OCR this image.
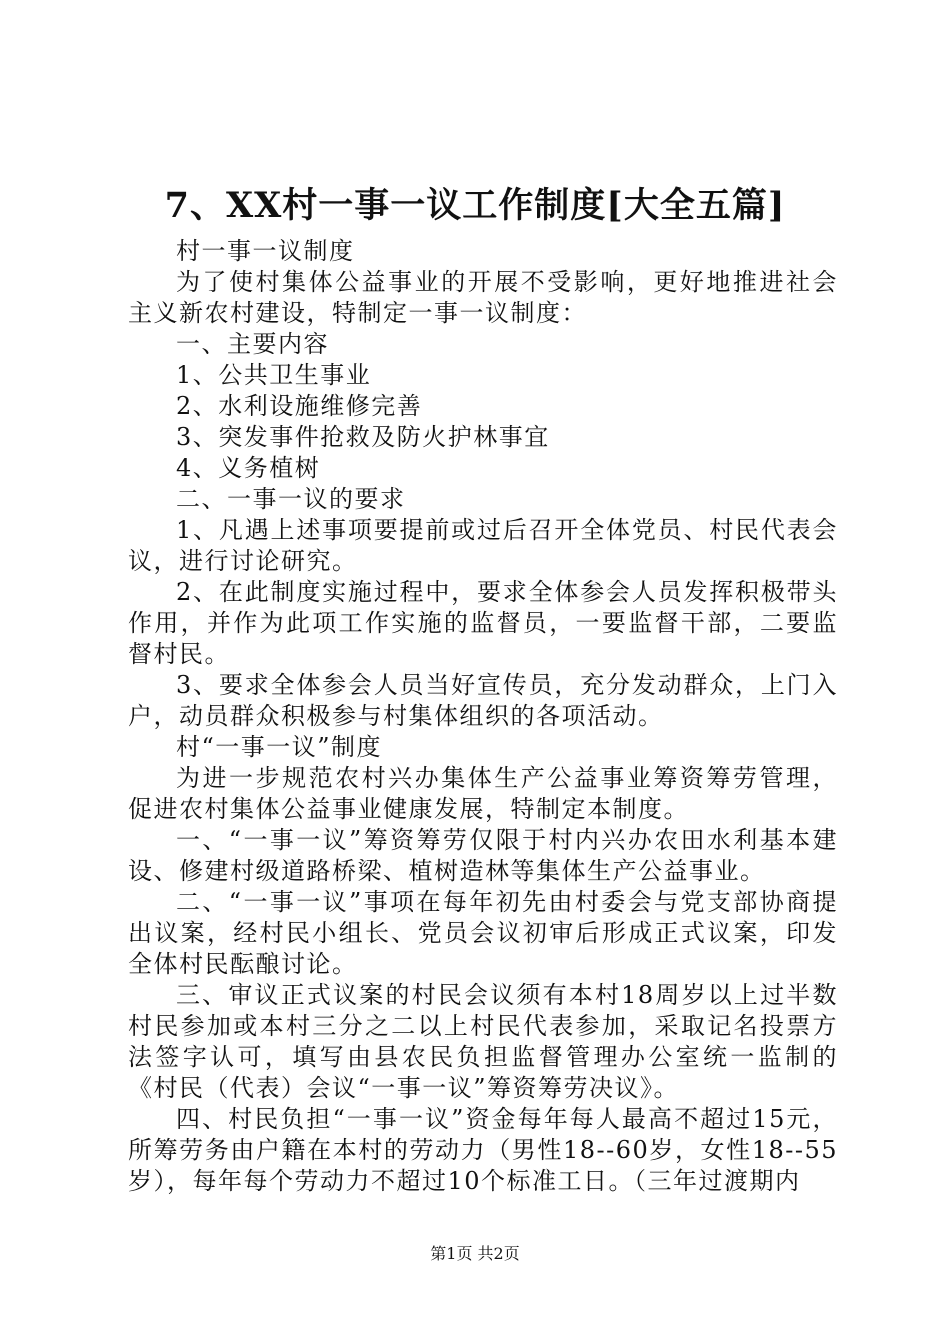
7、XX村一事一议工作制度[大全五篇]

村一事一议制度

为了使村集体公益事业的开展不受影响，更好地推进社会主义新农村建设，特制定一事一议制度：

一、主要内容

1、公共卫生事业

2、水利设施维修完善

3、突发事件抢救及防火护林事宜

4、义务植树

二、一事一议的要求

1、凡遇上述事项要提前或过后召开全体党员、村民代表会议，进行讨论研究。

2、在此制度实施过程中，要求全体参会人员发挥积极带头作用，并作为此项工作实施的监督员，一要监督干部，二要监督村民。

3、要求全体参会人员当好宣传员，充分发动群众，上门入户，动员群众积极参与村集体组织的各项活动。

村“一事一议”制度

为进一步规范农村兴办集体生产公益事业筹资筹劳管理，促进农村集体公益事业健康发展，特制定本制度。

一、“一事一议”筹资筹劳仅限于村内兴办农田水利基本建设、修建村级道路桥梁、植树造林等集体生产公益事业。

二、“一事一议”事项在每年初先由村委会与党支部协商提出议案，经村民小组长、党员会议初审后形成正式议案，印发全体村民酝酿讨论。

三、审议正式议案的村民会议须有本村18周岁以上过半数村民参加或本村三分之二以上村民代表参加，采取记名投票方法签字认可，填写由县农民负担监督管理办公室统一监制的《村民（代表）会议“一事一议”筹资筹劳决议》。

四、村民负担“一事一议”资金每年每人最高不超过15元，所筹劳务由户籍在本村的劳动力（男性18--60岁，女性18--55岁），每年每个劳动力不超过10个标准工日。（三年过渡期内

第1页 共2页
